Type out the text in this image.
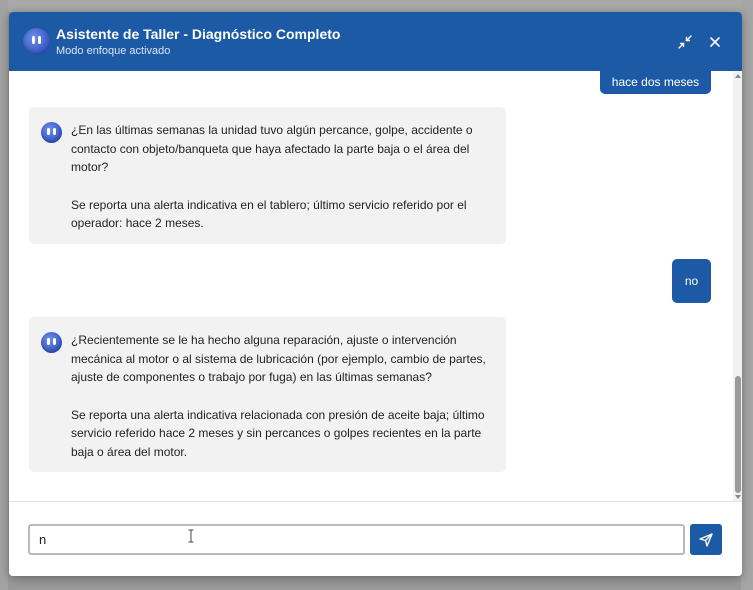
Asistente de Taller - Diagnóstico Completo
Modo enfoque activado
hace dos meses

¿En las últimas semanas la unidad tuvo algún percance, golpe, accidente o contacto con objeto/banqueta que haya afectado la parte baja o el área del motor?

Se reporta una alerta indicativa en el tablero; último servicio referido por el operador: hace 2 meses.

no

¿Recientemente se le ha hecho alguna reparación, ajuste o intervención mecánica al motor o al sistema de lubricación (por ejemplo, cambio de partes, ajuste de componentes o trabajo por fuga) en las últimas semanas?

Se reporta una alerta indicativa relacionada con presión de aceite baja; último servicio referido hace 2 meses y sin percances o golpes recientes en la parte baja o área del motor.

n
